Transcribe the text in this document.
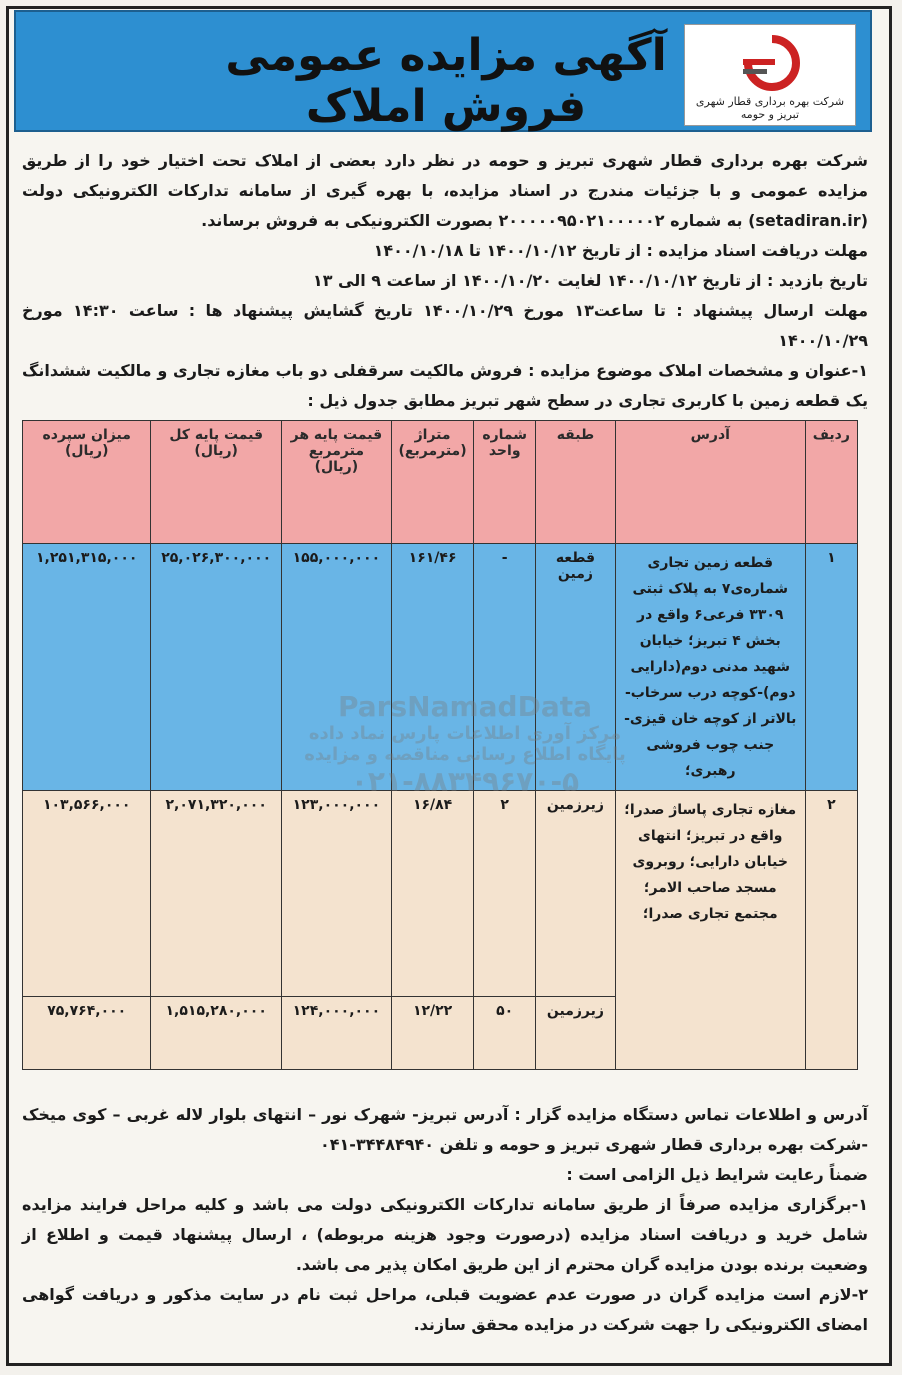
آگهی مزایده عمومی فروش املاک	شرکت بهره برداری قطار شهری تبریز و حومه

شرکت بهره برداری قطار شهری تبریز و حومه در نظر دارد بعضی از املاک تحت اختیار خود را از طریق مزایده عمومی و با جزئیات مندرج در اسناد مزایده، با بهره گیری از سامانه تدارکات الکترونیکی دولت (setadiran.ir) به شماره ۲۰۰۰۰۰۹۵۰۲۱۰۰۰۰۰۲ بصورت الکترونیکی به فروش برساند.

مهلت دریافت اسناد مزایده : از تاریخ ۱۴۰۰/۱۰/۱۲ تا ۱۴۰۰/۱۰/۱۸

تاریخ بازدید : از تاریخ ۱۴۰۰/۱۰/۱۲ لغایت ۱۴۰۰/۱۰/۲۰ از ساعت ۹ الی ۱۳

مهلت ارسال پیشنهاد : تا ساعت۱۳ مورخ ۱۴۰۰/۱۰/۲۹ تاریخ گشایش پیشنهاد ها : ساعت ۱۴:۳۰ مورخ ۱۴۰۰/۱۰/۲۹

۱-عنوان و مشخصات املاک موضوع مزایده : فروش مالکیت سرقفلی دو باب مغازه تجاری و مالکیت ششدانگ یک قطعه زمین با کاربری تجاری در سطح شهر تبریز مطابق جدول ذیل :

ردیف	آدرس	طبقه	شماره واحد	متراژ (مترمربع)	قیمت پایه هر مترمربع (ریال)	قیمت پایه کل (ریال)	میزان سپرده (ریال)
۱	قطعه زمین تجاری شماره‌ی۷ به پلاک ثبتی ۳۳۰۹ فرعی۶ واقع در بخش ۴ تبریز؛ خیابان شهید مدنی دوم(دارایی دوم)-کوچه درب سرخاب-بالاتر از کوچه خان قیزی-جنب چوب فروشی رهبری؛	قطعه زمین	-	۱۶۱/۴۶	۱۵۵,۰۰۰,۰۰۰	۲۵,۰۲۶,۳۰۰,۰۰۰	۱,۲۵۱,۳۱۵,۰۰۰
۲	مغازه تجاری پاساژ صدرا؛ واقع در تبریز؛ انتهای خیابان دارایی؛ روبروی مسجد صاحب الامر؛ مجتمع تجاری صدرا؛	زیرزمین	۲	۱۶/۸۴	۱۲۳,۰۰۰,۰۰۰	۲,۰۷۱,۳۲۰,۰۰۰	۱۰۳,۵۶۶,۰۰۰
		زیرزمین	۵۰	۱۲/۲۲	۱۲۴,۰۰۰,۰۰۰	۱,۵۱۵,۲۸۰,۰۰۰	۷۵,۷۶۴,۰۰۰
ParsNamadData
مرکز آوری اطلاعات پارس نماد داده
پایگاه اطلاع رسانی مناقصه و مزایده
۰۲۱-۸۸۳۴۹۶۷۰-۵

آدرس و اطلاعات تماس دستگاه مزایده گزار : آدرس تبریز- شهرک نور – انتهای بلوار لاله غربی – کوی میخک -شرکت بهره برداری قطار شهری تبریز و حومه و تلفن ۳۴۴۸۴۹۴۰-۰۴۱

ضمناً رعایت شرایط ذیل الزامی است :

۱-برگزاری مزایده صرفاً از طریق سامانه تدارکات الکترونیکی دولت می باشد و کلیه مراحل فرایند مزایده شامل خرید و دریافت اسناد مزایده (درصورت وجود هزینه مربوطه) ، ارسال پیشنهاد قیمت و اطلاع از وضعیت برنده بودن مزایده گران محترم از این طریق امکان پذیر می باشد.

۲-لازم است مزایده گران در صورت عدم عضویت قبلی، مراحل ثبت نام در سایت مذکور و دریافت گواهی امضای الکترونیکی را جهت شرکت در مزایده محقق سازند.
